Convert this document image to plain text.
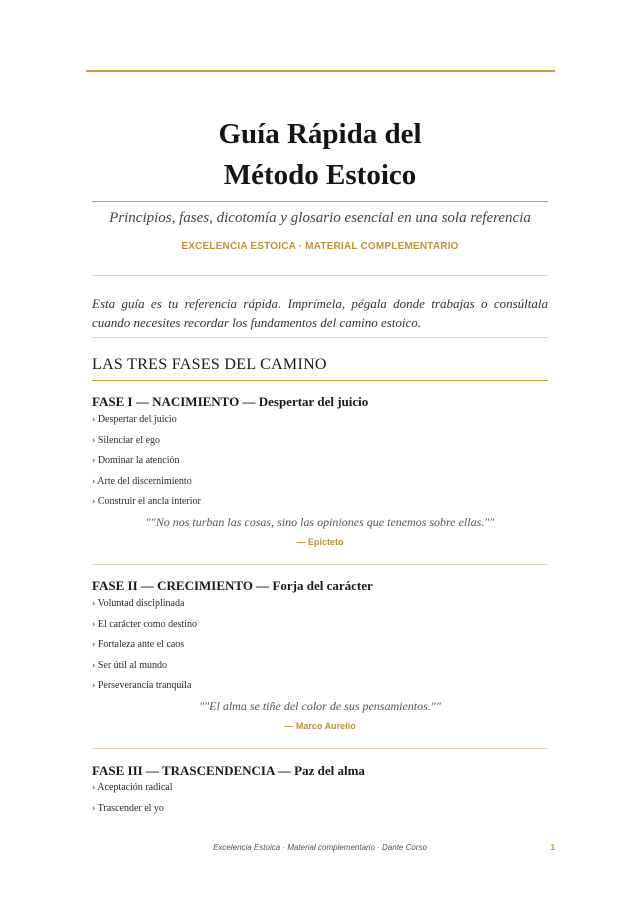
Guía Rápida del
Método Estoico
Principios, fases, dicotomía y glosario esencial en una sola referencia
EXCELENCIA ESTOICA · MATERIAL COMPLEMENTARIO

Esta guía es tu referencia rápida. Imprímela, pégala donde trabajas o consúltala cuando necesites recordar los fundamentos del camino estoico.

LAS TRES FASES DEL CAMINO
FASE I — NACIMIENTO — Despertar del juicio
› Despertar del juicio
› Silenciar el ego
› Dominar la atención
› Arte del discernimiento
› Construir el ancla interior
""No nos turban las cosas, sino las opiniones que tenemos sobre ellas.""
— Epicteto
FASE II — CRECIMIENTO — Forja del carácter
› Voluntad disciplinada
› El carácter como destino
› Fortaleza ante el caos
› Ser útil al mundo
› Perseverancia tranquila
""El alma se tiñe del color de sus pensamientos.""
— Marco Aurelio
FASE III — TRASCENDENCIA — Paz del alma
› Aceptación radical
› Trascender el yo
Excelencia Estoica · Material complementario · Dante Corso	1
